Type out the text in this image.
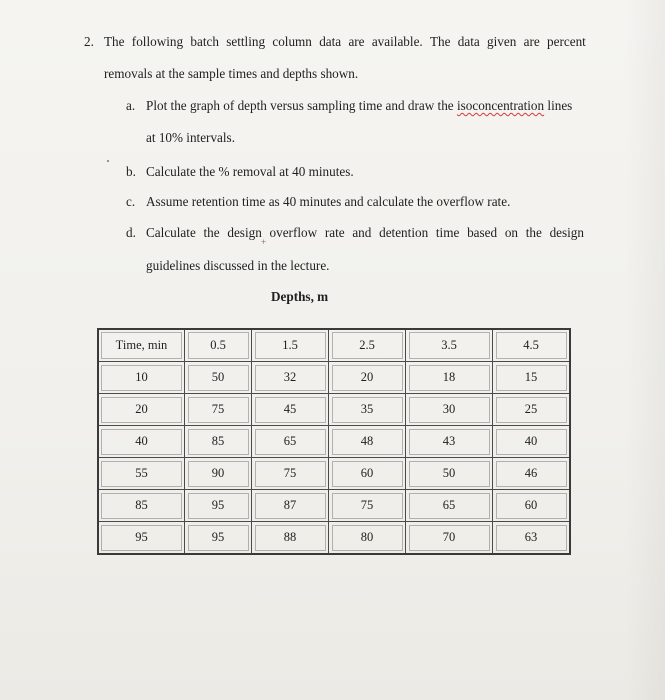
2. The following batch settling column data are available. The data given are percent
removals at the sample times and depths shown.
a. Plot the graph of depth versus sampling time and draw the isoconcentration lines
at 10% intervals.
b. Calculate the % removal at 40 minutes.
c. Assume retention time as 40 minutes and calculate the overflow rate.
d. Calculate the design overflow rate and detention time based on the design
+
guidelines discussed in the lecture.
Depths, m
Time, min	0.5	1.5	2.5	3.5	4.5
10	50	32	20	18	15
20	75	45	35	30	25
40	85	65	48	43	40
55	90	75	60	50	46
85	95	87	75	65	60
95	95	88	80	70	63
